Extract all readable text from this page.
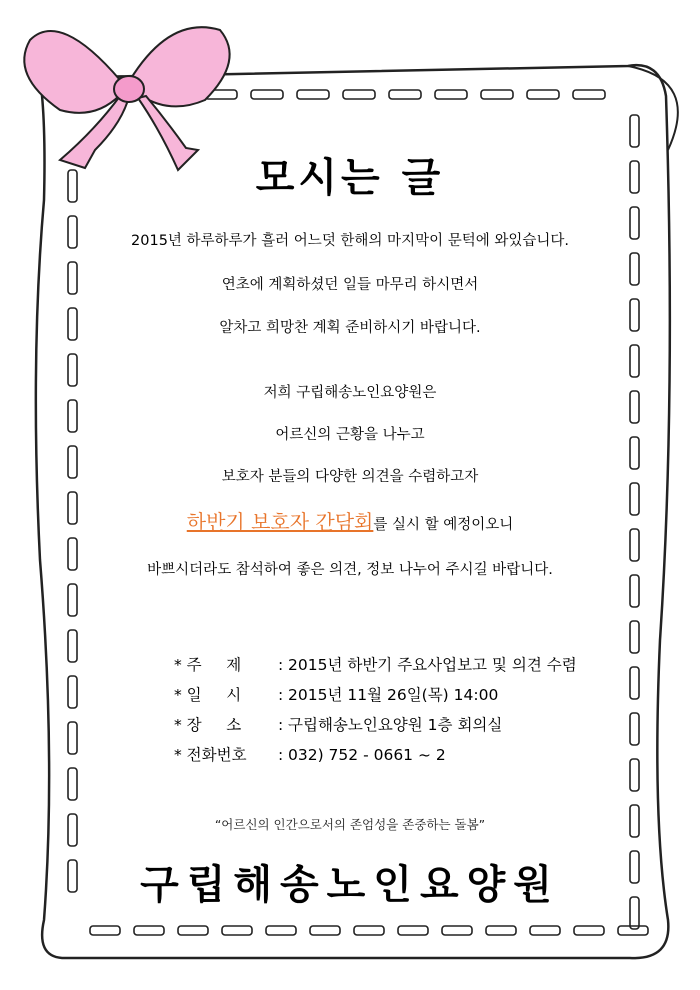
모시는 글
2015년 하루하루가 흘러 어느덧 한해의 마지막이 문턱에 와있습니다.
연초에 계획하셨던 일들 마무리 하시면서
알차고 희망찬 계획 준비하시기 바랍니다.
저희 구립해송노인요양원은
어르신의 근황을 나누고
보호자 분들의 다양한 의견을 수렴하고자
하반기 보호자 간담회를 실시 할 예정이오니
바쁘시더라도 참석하여 좋은 의견, 정보 나누어 주시길 바랍니다.
* 주     제	: 2015년 하반기 주요사업보고 및 의견 수렴
* 일     시	: 2015년 11월 26일(목) 14:00
* 장     소	: 구립해송노인요양원 1층 회의실
* 전화번호	: 032) 752 - 0661 ~ 2
“어르신의 인간으로서의 존엄성을 존중하는 돌봄”
구립해송노인요양원
